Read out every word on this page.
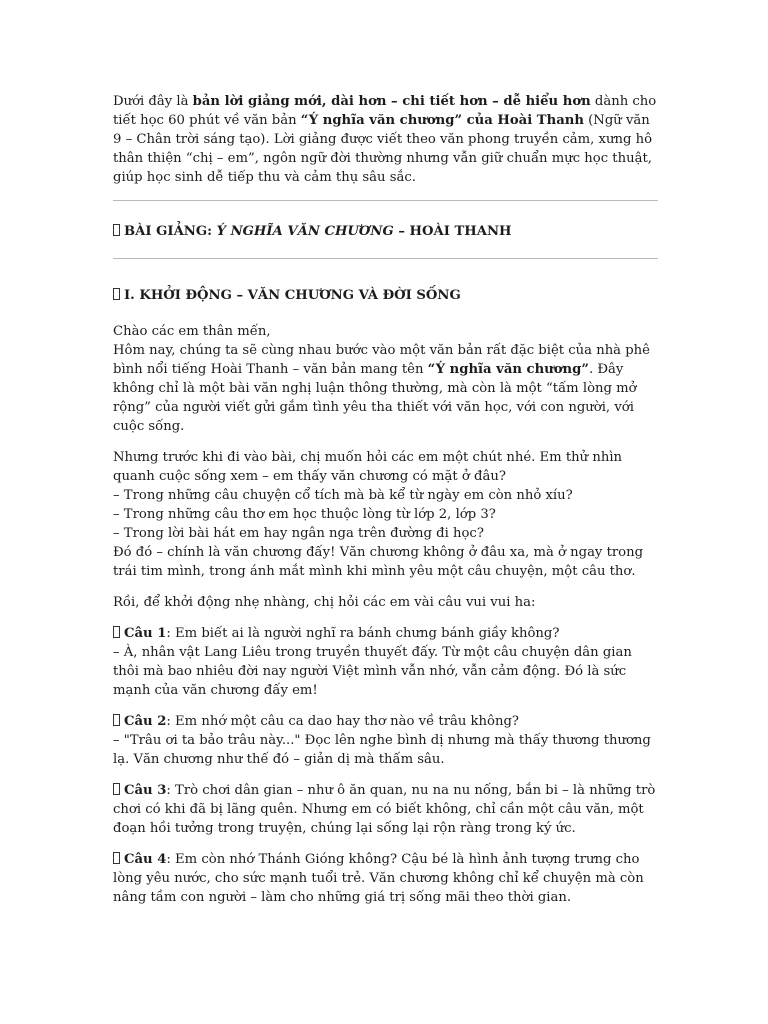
Dưới đây là bản lời giảng mới, dài hơn – chi tiết hơn – dễ hiểu hơn dành cho tiết học 60 phút về văn bản “Ý nghĩa văn chương” của Hoài Thanh (Ngữ văn 9 – Chân trời sáng tạo). Lời giảng được viết theo văn phong truyền cảm, xưng hô thân thiện “chị – em”, ngôn ngữ đời thường nhưng vẫn giữ chuẩn mực học thuật, giúp học sinh dễ tiếp thu và cảm thụ sâu sắc.

BÀI GIẢNG: Ý NGHĨA VĂN CHƯƠNG – HOÀI THANH

I. KHỞI ĐỘNG – VĂN CHƯƠNG VÀ ĐỜI SỐNG

Chào các em thân mến,
Hôm nay, chúng ta sẽ cùng nhau bước vào một văn bản rất đặc biệt của nhà phê bình nổi tiếng Hoài Thanh – văn bản mang tên “Ý nghĩa văn chương”. Đây không chỉ là một bài văn nghị luận thông thường, mà còn là một “tấm lòng mở rộng” của người viết gửi gắm tình yêu tha thiết với văn học, với con người, với cuộc sống.

Nhưng trước khi đi vào bài, chị muốn hỏi các em một chút nhé. Em thử nhìn quanh cuộc sống xem – em thấy văn chương có mặt ở đâu?
– Trong những câu chuyện cổ tích mà bà kể từ ngày em còn nhỏ xíu?
– Trong những câu thơ em học thuộc lòng từ lớp 2, lớp 3?
– Trong lời bài hát em hay ngân nga trên đường đi học?
Đó đó – chính là văn chương đấy! Văn chương không ở đâu xa, mà ở ngay trong trái tim mình, trong ánh mắt mình khi mình yêu một câu chuyện, một câu thơ.

Rồi, để khởi động nhẹ nhàng, chị hỏi các em vài câu vui vui ha:

Câu 1: Em biết ai là người nghĩ ra bánh chưng bánh giầy không?
– À, nhân vật Lang Liêu trong truyền thuyết đấy. Từ một câu chuyện dân gian thôi mà bao nhiêu đời nay người Việt mình vẫn nhớ, vẫn cảm động. Đó là sức mạnh của văn chương đấy em!

Câu 2: Em nhớ một câu ca dao hay thơ nào về trâu không?
– "Trâu ơi ta bảo trâu này..." Đọc lên nghe bình dị nhưng mà thấy thương thương lạ. Văn chương như thế đó – giản dị mà thấm sâu.

Câu 3: Trò chơi dân gian – như ô ăn quan, nu na nu nống, bắn bi – là những trò chơi có khi đã bị lãng quên. Nhưng em có biết không, chỉ cần một câu văn, một đoạn hồi tưởng trong truyện, chúng lại sống lại rộn ràng trong ký ức.

Câu 4: Em còn nhớ Thánh Gióng không? Cậu bé là hình ảnh tượng trưng cho lòng yêu nước, cho sức mạnh tuổi trẻ. Văn chương không chỉ kể chuyện mà còn nâng tầm con người – làm cho những giá trị sống mãi theo thời gian.
